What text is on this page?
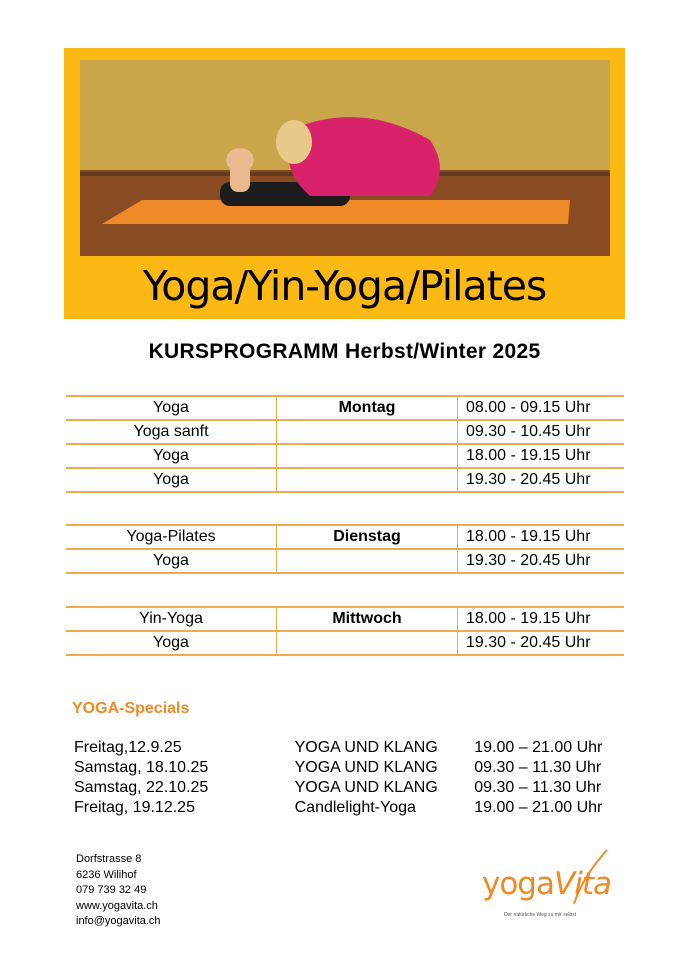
Yoga/Yin-Yoga/Pilates
KURSPROGRAMM Herbst/Winter 2025
Yoga	Montag	08.00 - 09.15 Uhr
Yoga sanft		09.30 - 10.45 Uhr
Yoga		18.00 - 19.15 Uhr
Yoga		19.30 - 20.45 Uhr
Yoga-Pilates	Dienstag	18.00 - 19.15 Uhr
Yoga		19.30 - 20.45 Uhr
Yin-Yoga	Mittwoch	18.00 - 19.15 Uhr
Yoga		19.30 - 20.45 Uhr
YOGA-Specials
Freitag,12.9.25	YOGA UND KLANG	19.00 – 21.00 Uhr
Samstag, 18.10.25	YOGA UND KLANG	09.30 – 11.30 Uhr
Samstag, 22.10.25	YOGA UND KLANG	09.30 – 11.30 Uhr
Freitag, 19.12.25	Candlelight-Yoga	19.00 – 21.00 Uhr
Dorfstrasse 8
6236 Wilihof
079 739 32 49
www.yogavita.ch
info@yogavita.ch
yogaVita
Der natürliche Weg zu mir selbst
